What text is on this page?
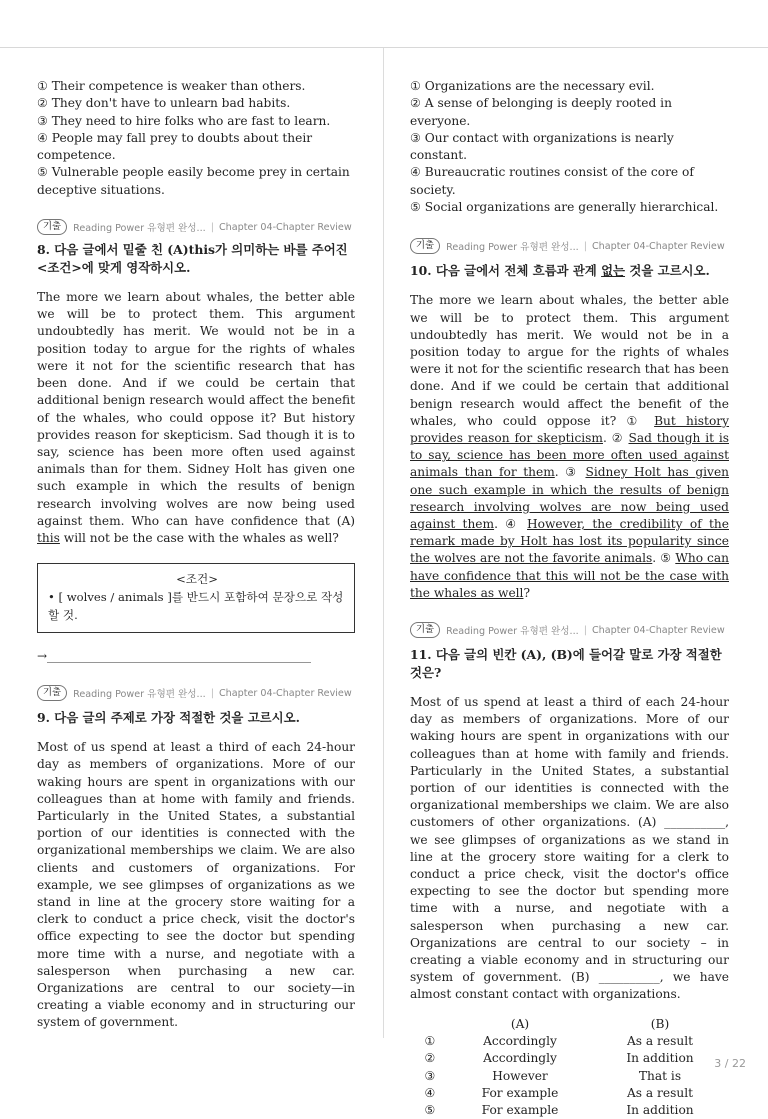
① Their competence is weaker than others.
② They don't have to unlearn bad habits.
③ They need to hire folks who are fast to learn.
④ People may fall prey to doubts about their competence.
⑤ Vulnerable people easily become prey in certain deceptive situations.
기출	Reading Power 유형편 완성... | Chapter 04-Chapter Review
8. 다음 글에서 밑줄 친 (A)this가 의미하는 바를 주어진 <조건>에 맞게 영작하시오.
The more we learn about whales, the better able we will be to protect them. This argument undoubtedly has merit. We would not be in a position today to argue for the rights of whales were it not for the scientific research that has been done. And if we could be certain that additional benign research would affect the benefit of the whales, who could oppose it? But history provides reason for skepticism. Sad though it is to say, science has been more often used against animals than for them. Sidney Holt has given one such example in which the results of benign research involving wolves are now being used against them. Who can have confidence that (A) this will not be the case with the whales as well?
<조건>
• [ wolves / animals ]를 반드시 포함하여 문장으로 작성할 것.
→____________________________________________
기출	Reading Power 유형편 완성... | Chapter 04-Chapter Review
9. 다음 글의 주제로 가장 적절한 것을 고르시오.
Most of us spend at least a third of each 24-hour day as members of organizations. More of our waking hours are spent in organizations with our colleagues than at home with family and friends. Particularly in the United States, a substantial portion of our identities is connected with the organizational memberships we claim. We are also clients and customers of organizations. For example, we see glimpses of organizations as we stand in line at the grocery store waiting for a clerk to conduct a price check, visit the doctor's office expecting to see the doctor but spending more time with a nurse, and negotiate with a salesperson when purchasing a new car. Organizations are central to our society—in creating a viable economy and in structuring our system of government.
① Organizations are the necessary evil.
② A sense of belonging is deeply rooted in everyone.
③ Our contact with organizations is nearly constant.
④ Bureaucratic routines consist of the core of society.
⑤ Social organizations are generally hierarchical.
기출	Reading Power 유형편 완성... | Chapter 04-Chapter Review
10. 다음 글에서 전체 흐름과 관계 없는 것을 고르시오.
The more we learn about whales, the better able we will be to protect them. This argument undoubtedly has merit. We would not be in a position today to argue for the rights of whales were it not for the scientific research that has been done. And if we could be certain that additional benign research would affect the benefit of the whales, who could oppose it? ① But history provides reason for skepticism. ② Sad though it is to say, science has been more often used against animals than for them. ③ Sidney Holt has given one such example in which the results of benign research involving wolves are now being used against them. ④ However, the credibility of the remark made by Holt has lost its popularity since the wolves are not the favorite animals. ⑤ Who can have confidence that this will not be the case with the whales as well?
기출	Reading Power 유형편 완성... | Chapter 04-Chapter Review
11. 다음 글의 빈칸 (A), (B)에 들어갈 말로 가장 적절한 것은?
Most of us spend at least a third of each 24-hour day as members of organizations. More of our waking hours are spent in organizations with our colleagues than at home with family and friends. Particularly in the United States, a substantial portion of our identities is connected with the organizational memberships we claim. We are also customers of other organizations. (A) __________, we see glimpses of organizations as we stand in line at the grocery store waiting for a clerk to conduct a price check, visit the doctor's office expecting to see the doctor but spending more time with a nurse, and negotiate with a salesperson when purchasing a new car. Organizations are central to our society – in creating a viable economy and in structuring our system of government. (B) __________, we have almost constant contact with organizations.
	(A)	(B)
①	Accordingly	As a result
②	Accordingly	In addition
③	However	That is
④	For example	As a result
⑤	For example	In addition
3 / 22
